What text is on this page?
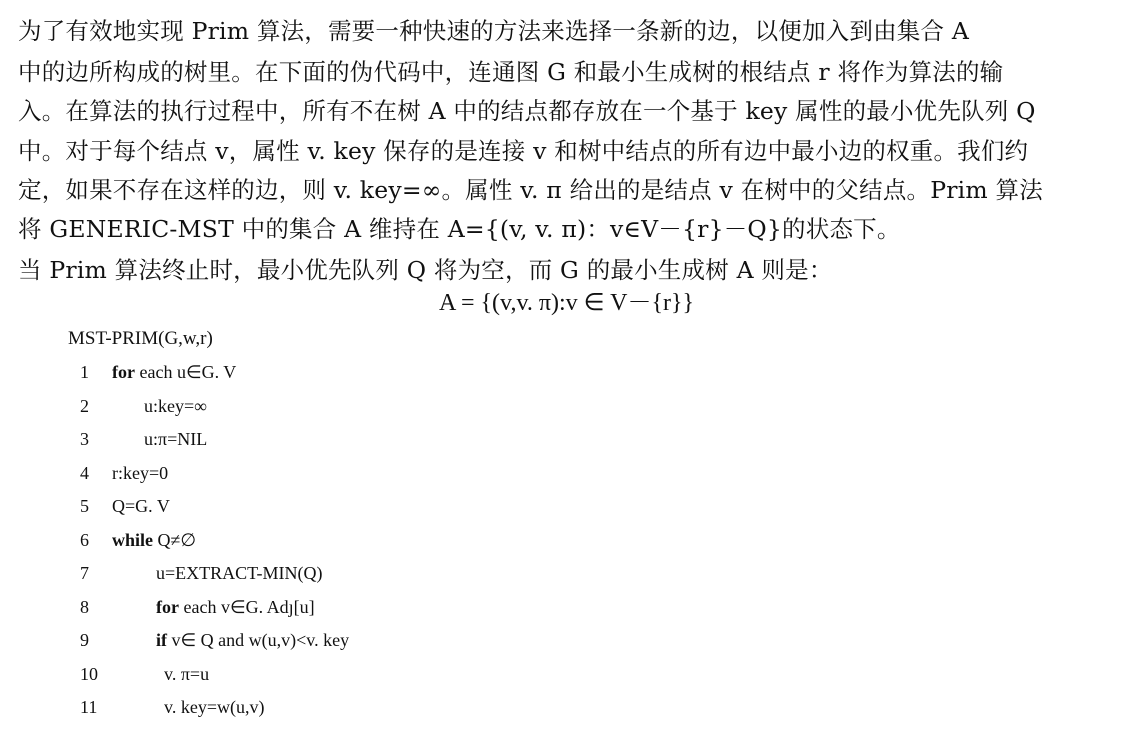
为了有效地实现 Prim 算法，需要一种快速的方法来选择一条新的边，以便加入到由集合 A
中的边所构成的树里。在下面的伪代码中，连通图 G 和最小生成树的根结点 r 将作为算法的输
入。在算法的执行过程中，所有不在树 A 中的结点都存放在一个基于 key 属性的最小优先队列 Q
中。对于每个结点 v，属性 v. key 保存的是连接 v 和树中结点的所有边中最小边的权重。我们约
定，如果不存在这样的边，则 v. key=∞。属性 v. π 给出的是结点 v 在树中的父结点。Prim 算法
将 GENERIC-MST 中的集合 A 维持在 A={(v, v. π)：v∈V－{r}－Q}的状态下。
当 Prim 算法终止时，最小优先队列 Q 将为空，而 G 的最小生成树 A 则是：
A = {(v,v. π):v ∈ V－{r}}
MST-PRIM(G,w,r)
1	for each u∈G. V
2	u:key=∞
3	u:π=NIL
4	r:key=0
5	Q=G. V
6	while Q≠∅
7	u=EXTRACT-MIN(Q)
8	for each v∈G. Adȷ[u]
9	if v∈ Q and w(u,v)<v. key
10	v. π=u
11	v. key=w(u,v)
